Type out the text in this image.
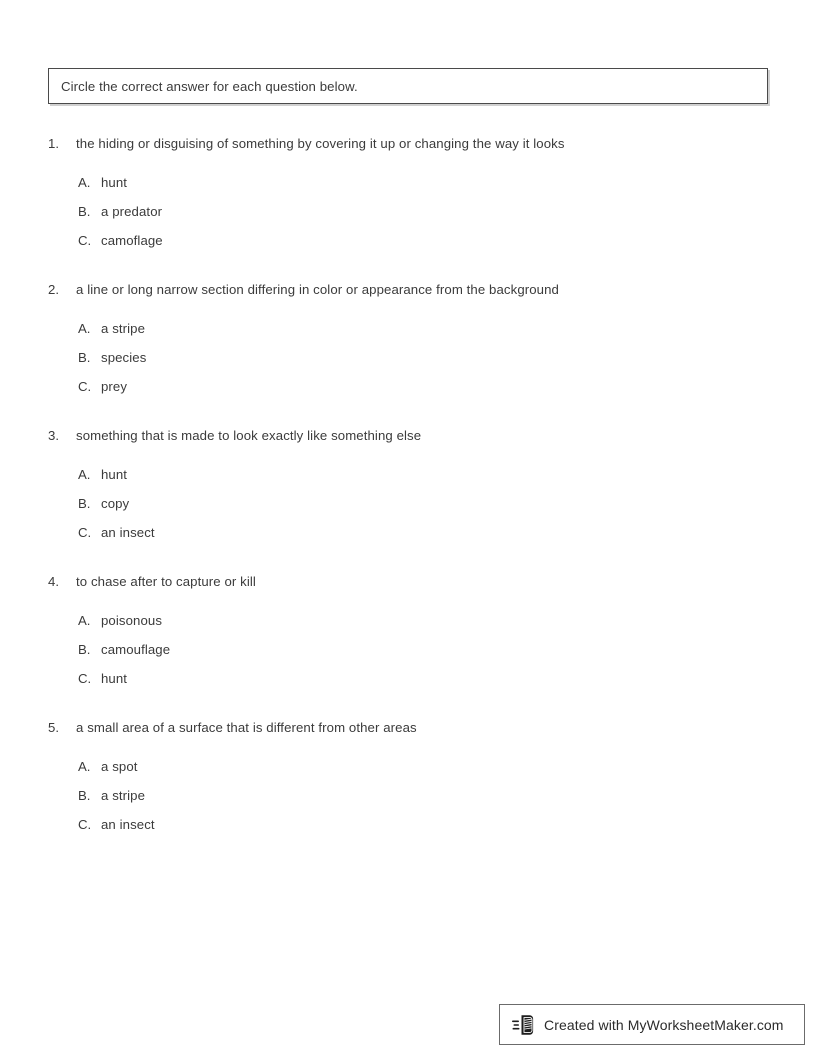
Circle the correct answer for each question below.
1.	the hiding or disguising of something by covering it up or changing the way it looks
A. hunt
B. a predator
C. camoflage
2.	a line or long narrow section differing in color or appearance from the background
A. a stripe
B. species
C. prey
3.	something that is made to look exactly like something else
A. hunt
B. copy
C. an insect
4.	to chase after to capture or kill
A. poisonous
B. camouflage
C. hunt
5.	a small area of a surface that is different from other areas
A. a spot
B. a stripe
C. an insect
Created with MyWorksheetMaker.com
